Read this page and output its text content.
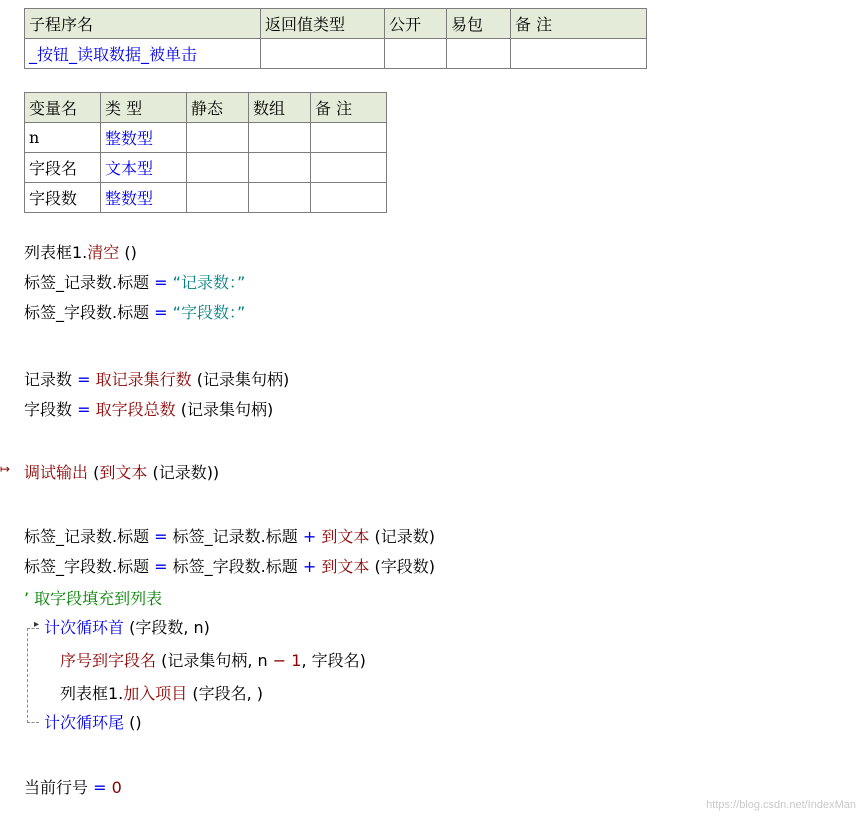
子程序名	返回值类型	公开	易包	备 注
_按钮_读取数据_被单击				
变量名	类 型	静态	数组	备 注
n	整数型			
字段名	文本型			
字段数	整数型			
列表框1.清空 ()
标签_记录数.标题 = “记录数：”
标签_字段数.标题 = “字段数：”
记录数 = 取记录集行数 (记录集句柄)
字段数 = 取字段总数 (记录集句柄)
↦ 调试输出 (到文本 (记录数))
标签_记录数.标题 = 标签_记录数.标题 + 到文本 (记录数)
标签_字段数.标题 = 标签_字段数.标题 + 到文本 (字段数)
’ 取字段填充到列表
▸ 计次循环首 (字段数, n)
序号到字段名 (记录集句柄, n − 1, 字段名)
列表框1.加入项目 (字段名, )
计次循环尾 ()
当前行号 = 0
https://blog.csdn.net/IndexMan
